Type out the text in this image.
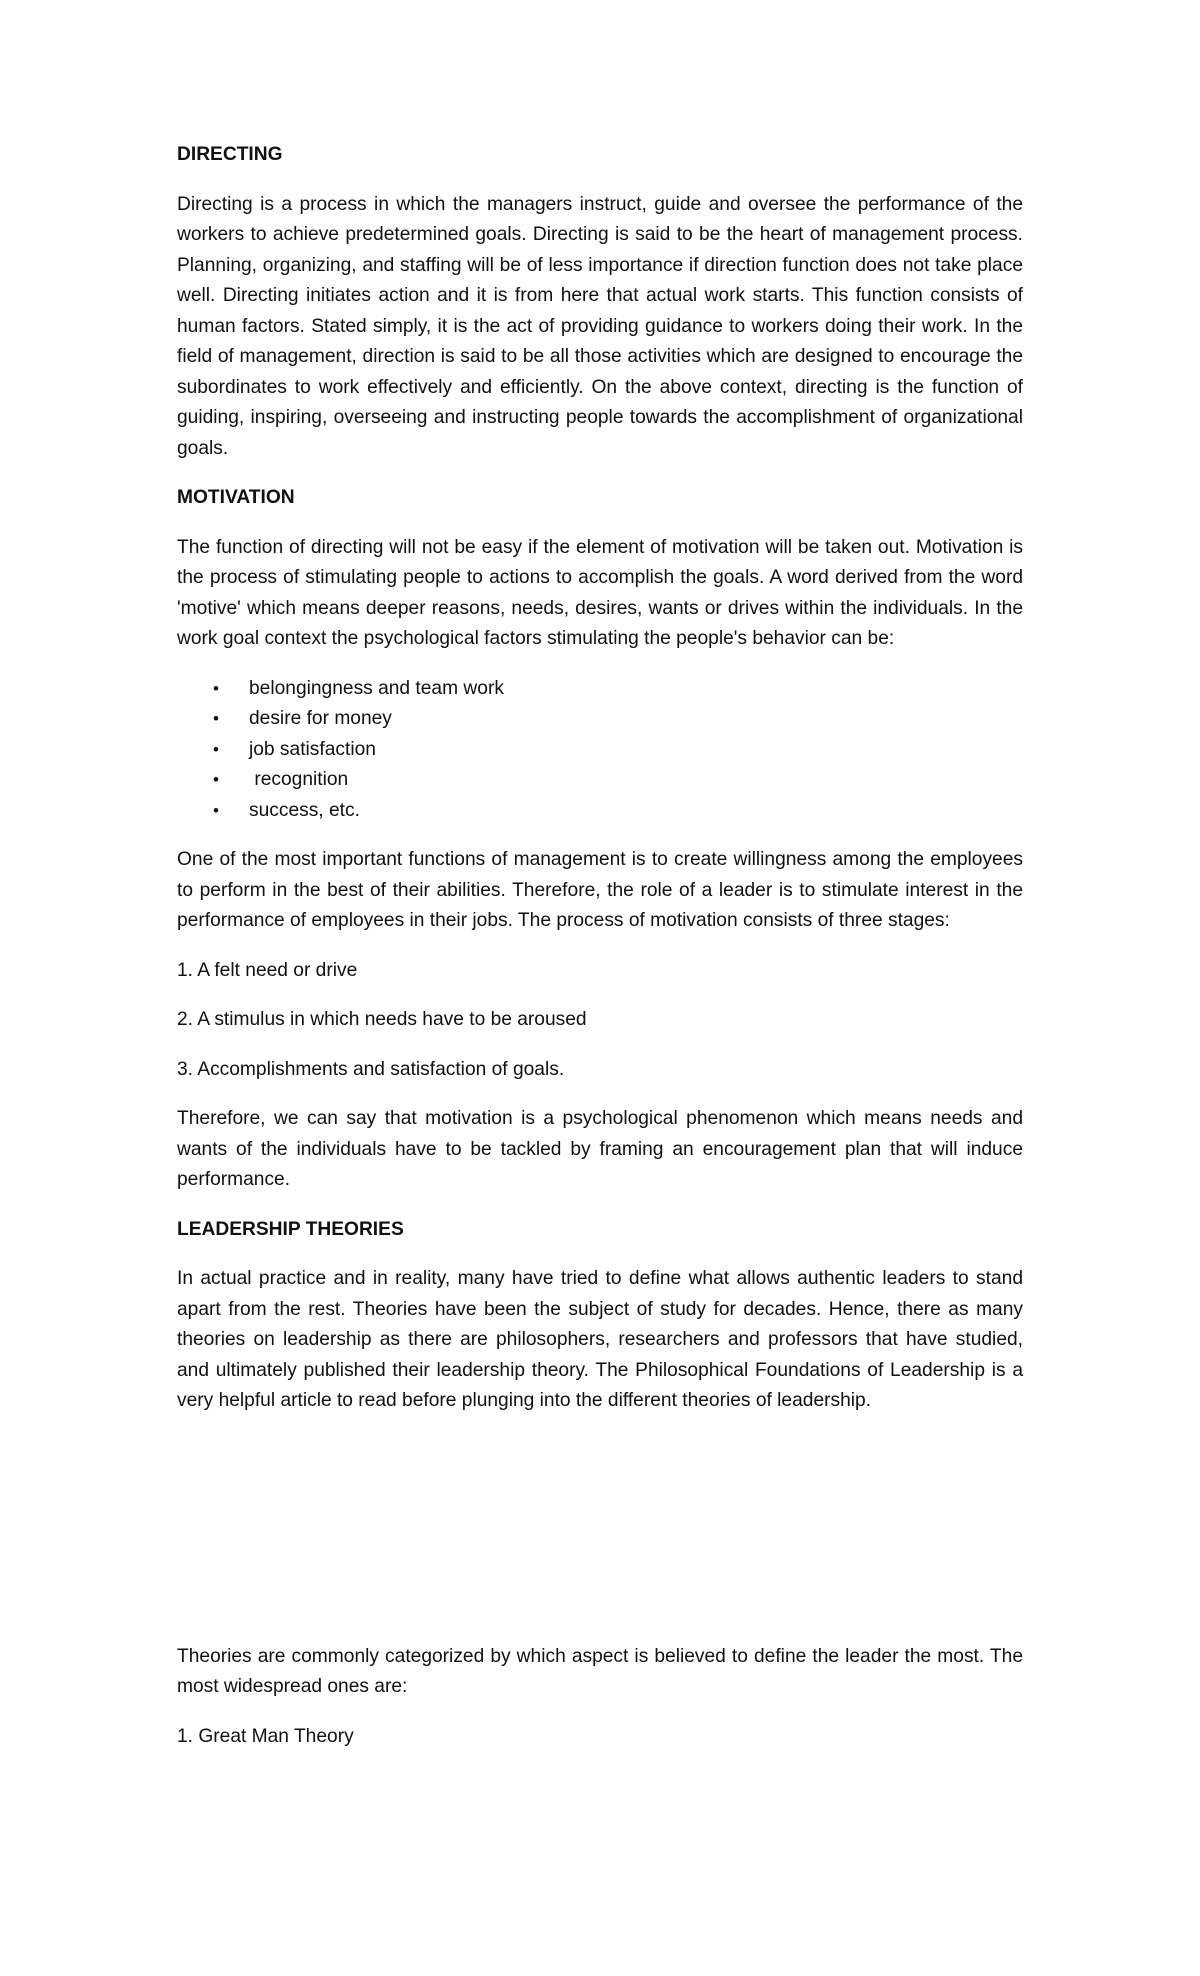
DIRECTING

Directing is a process in which the managers instruct, guide and oversee the performance of the workers to achieve predetermined goals. Directing is said to be the heart of management process. Planning, organizing, and staffing will be of less importance if direction function does not take place well. Directing initiates action and it is from here that actual work starts. This function consists of human factors. Stated simply, it is the act of providing guidance to workers doing their work. In the field of management, direction is said to be all those activities which are designed to encourage the subordinates to work effectively and efficiently. On the above context, directing is the function of guiding, inspiring, overseeing and instructing people towards the accomplishment of organizational goals.

MOTIVATION

The function of directing will not be easy if the element of motivation will be taken out. Motivation is the process of stimulating people to actions to accomplish the goals. A word derived from the word 'motive' which means deeper reasons, needs, desires, wants or drives within the individuals. In the work goal context the psychological factors stimulating the people's behavior can be:

• belongingness and team work
• desire for money
• job satisfaction
• recognition
• success, etc.

One of the most important functions of management is to create willingness among the employees to perform in the best of their abilities. Therefore, the role of a leader is to stimulate interest in the performance of employees in their jobs. The process of motivation consists of three stages:

1. A felt need or drive

2. A stimulus in which needs have to be aroused

3. Accomplishments and satisfaction of goals.

Therefore, we can say that motivation is a psychological phenomenon which means needs and wants of the individuals have to be tackled by framing an encouragement plan that will induce performance.

LEADERSHIP THEORIES

In actual practice and in reality, many have tried to define what allows authentic leaders to stand apart from the rest. Theories have been the subject of study for decades. Hence, there as many theories on leadership as there are philosophers, researchers and professors that have studied, and ultimately published their leadership theory. The Philosophical Foundations of Leadership is a very helpful article to read before plunging into the different theories of leadership.

Theories are commonly categorized by which aspect is believed to define the leader the most. The most widespread ones are:

1. Great Man Theory
